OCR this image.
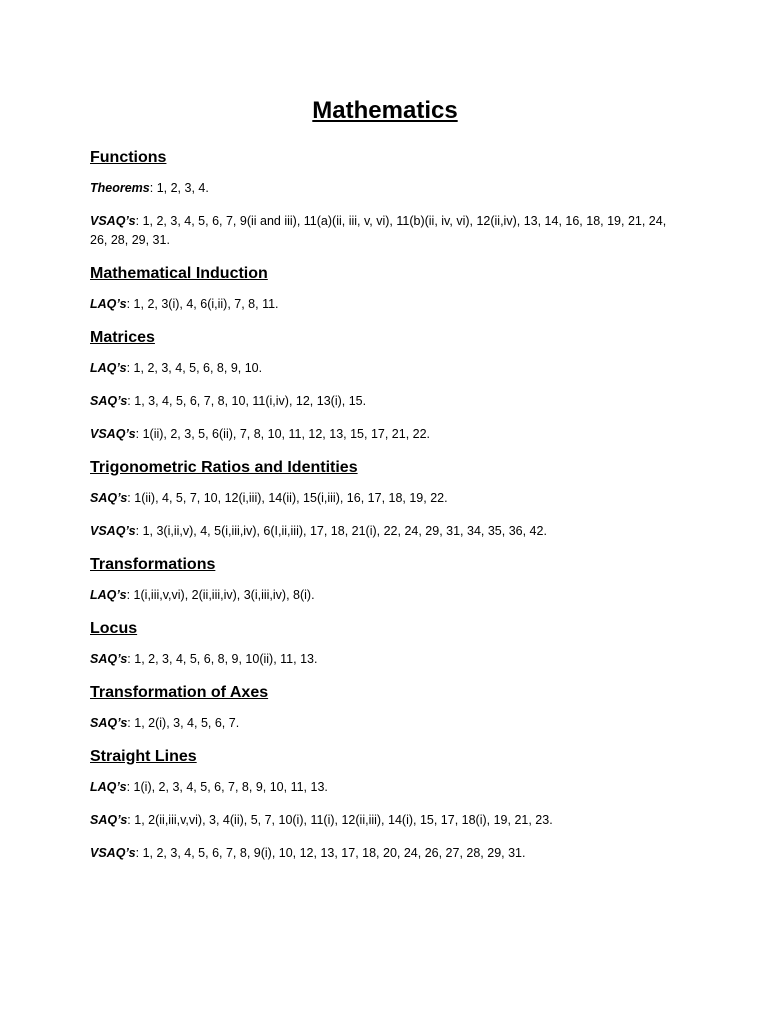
Mathematics
Functions

Theorems: 1, 2, 3, 4.

VSAQ’s: 1, 2, 3, 4, 5, 6, 7, 9(ii and iii), 11(a)(ii, iii, v, vi), 11(b)(ii, iv, vi), 12(ii,iv), 13, 14, 16, 18, 19, 21, 24, 26, 28, 29, 31.

Mathematical Induction

LAQ’s: 1, 2, 3(i), 4, 6(i,ii), 7, 8, 11.

Matrices

LAQ’s: 1, 2, 3, 4, 5, 6, 8, 9, 10.

SAQ’s: 1, 3, 4, 5, 6, 7, 8, 10, 11(i,iv), 12, 13(i), 15.

VSAQ’s: 1(ii), 2, 3, 5, 6(ii), 7, 8, 10, 11, 12, 13, 15, 17, 21, 22.

Trigonometric Ratios and Identities

SAQ’s: 1(ii), 4, 5, 7, 10, 12(i,iii), 14(ii), 15(i,iii), 16, 17, 18, 19, 22.

VSAQ’s: 1, 3(i,ii,v), 4, 5(i,iii,iv), 6(I,ii,iii), 17, 18, 21(i), 22, 24, 29, 31, 34, 35, 36, 42.

Transformations

LAQ’s: 1(i,iii,v,vi), 2(ii,iii,iv), 3(i,iii,iv), 8(i).

Locus

SAQ’s: 1, 2, 3, 4, 5, 6, 8, 9, 10(ii), 11, 13.

Transformation of Axes

SAQ’s: 1, 2(i), 3, 4, 5, 6, 7.

Straight Lines

LAQ’s: 1(i), 2, 3, 4, 5, 6, 7, 8, 9, 10, 11, 13.

SAQ’s: 1, 2(ii,iii,v,vi), 3, 4(ii), 5, 7, 10(i), 11(i), 12(ii,iii), 14(i), 15, 17, 18(i), 19, 21, 23.

VSAQ’s: 1, 2, 3, 4, 5, 6, 7, 8, 9(i), 10, 12, 13, 17, 18, 20, 24, 26, 27, 28, 29, 31.
